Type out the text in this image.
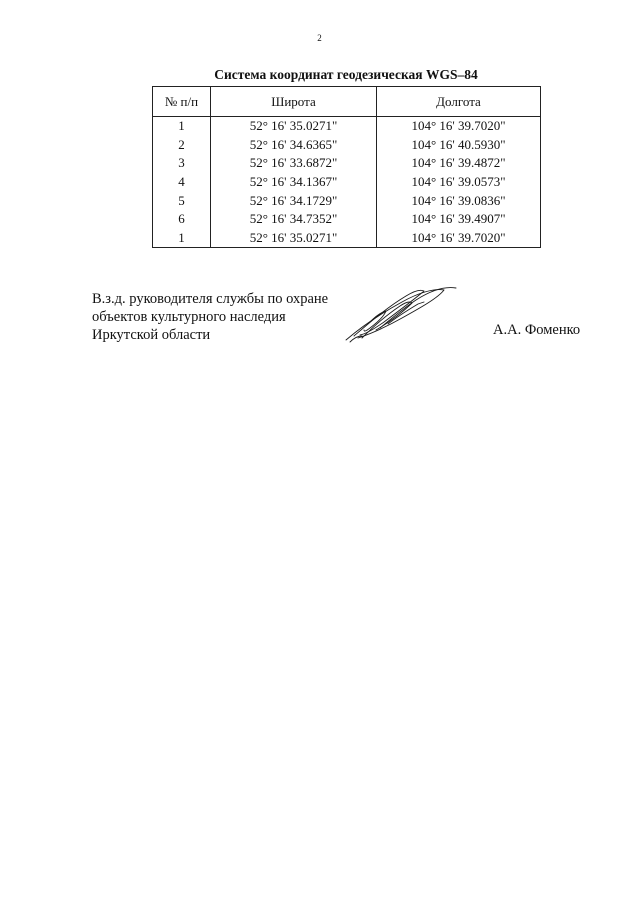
2
Система координат геодезическая WGS–84
№ п/п	Широта	Долгота
1	52° 16' 35.0271"	104° 16' 39.7020"
2	52° 16' 34.6365"	104° 16' 40.5930"
3	52° 16' 33.6872"	104° 16' 39.4872"
4	52° 16' 34.1367"	104° 16' 39.0573"
5	52° 16' 34.1729"	104° 16' 39.0836"
6	52° 16' 34.7352"	104° 16' 39.4907"
1	52° 16' 35.0271"	104° 16' 39.7020"
В.з.д. руководителя службы по охране
объектов культурного наследия
Иркутской области	А.А. Фоменко
